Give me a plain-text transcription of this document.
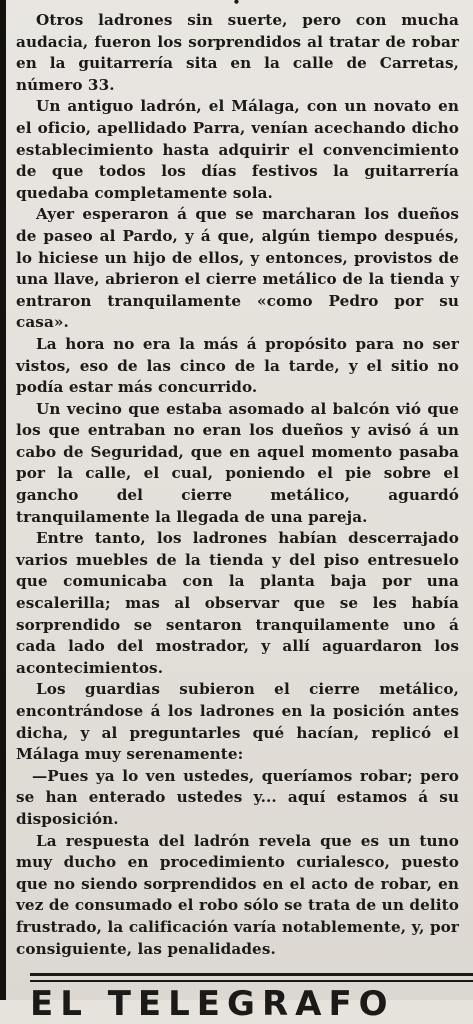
•

Otros ladrones sin suerte, pero con mucha audacia, fueron los sorprendidos al tratar de robar en la guitarrería sita en la calle de Carretas, número 33.

Un antiguo ladrón, el Málaga, con un novato en el oficio, apellidado Parra, venían acechando dicho establecimiento hasta adquirir el convencimiento de que todos los días festivos la guitarrería quedaba completamente sola.

Ayer esperaron á que se marcharan los dueños de paseo al Pardo, y á que, algún tiempo después, lo hiciese un hijo de ellos, y entonces, provistos de una llave, abrieron el cierre metálico de la tienda y entraron tranquilamente «como Pedro por su casa».

La hora no era la más á propósito para no ser vistos, eso de las cinco de la tarde, y el sitio no podía estar más concurrido.

Un vecino que estaba asomado al balcón vió que los que entraban no eran los dueños y avisó á un cabo de Seguridad, que en aquel momento pasaba por la calle, el cual, poniendo el pie sobre el gancho del cierre metálico, aguardó tranquilamente la llegada de una pareja.

Entre tanto, los ladrones habían descerrajado varios muebles de la tienda y del piso entresuelo que comunicaba con la planta baja por una escalerilla; mas al observar que se les había sorprendido se sentaron tranquilamente uno á cada lado del mostrador, y allí aguardaron los acontecimientos.

Los guardias subieron el cierre metálico, encontrándose á los ladrones en la posición antes dicha, y al preguntarles qué hacían, replicó el Málaga muy serenamente:

—Pues ya lo ven ustedes, queríamos robar; pero se han enterado ustedes y... aquí estamos á su disposición.

La respuesta del ladrón revela que es un tuno muy ducho en procedimiento curialesco, puesto que no siendo sorprendidos en el acto de robar, en vez de consumado el robo sólo se trata de un delito frustrado, la calificación varía notablemente, y, por consiguiente, las penalidades.

EL TELEGRAFO
